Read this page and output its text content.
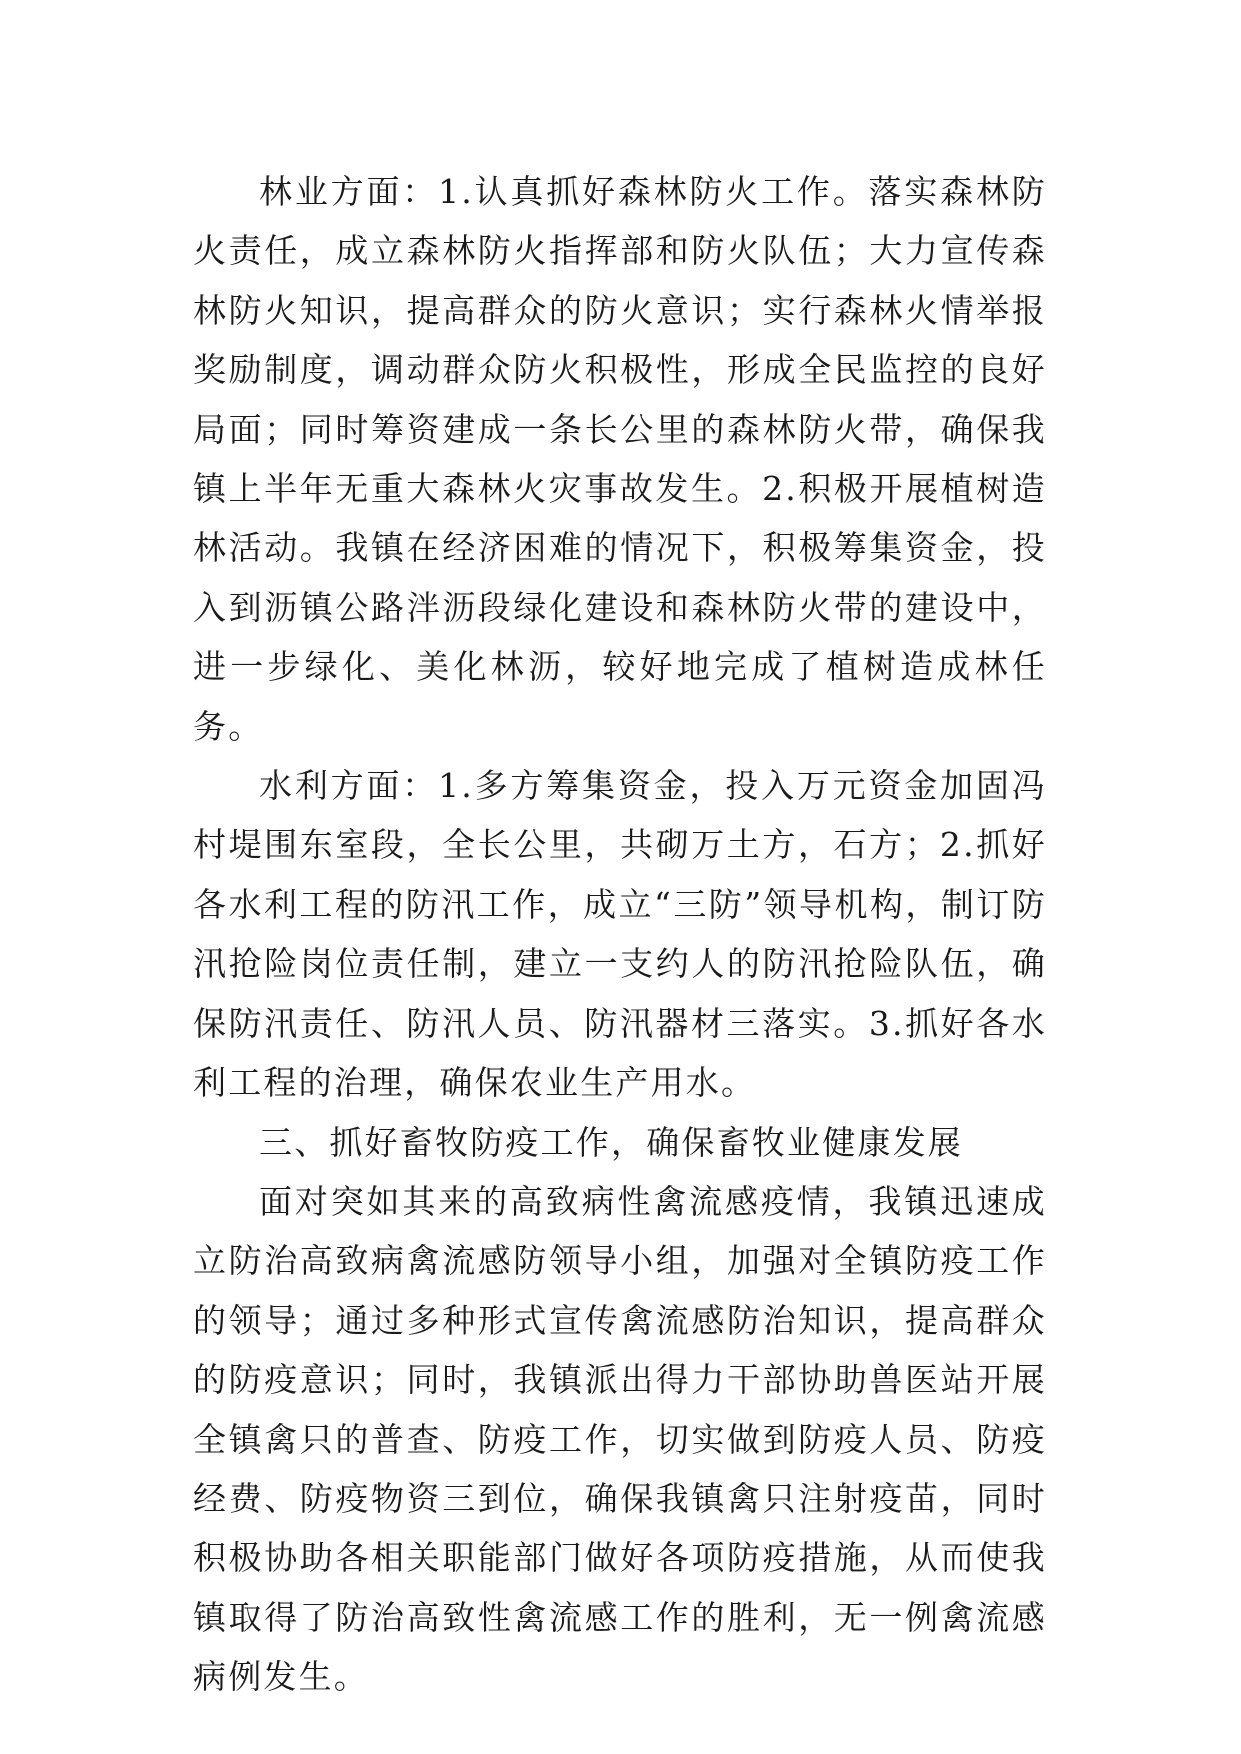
林业方面：1.认真抓好森林防火工作。落实森林防火责任，成立森林防火指挥部和防火队伍；大力宣传森林防火知识，提高群众的防火意识；实行森林火情举报奖励制度，调动群众防火积极性，形成全民监控的良好局面；同时筹资建成一条长公里的森林防火带，确保我镇上半年无重大森林火灾事故发生。2.积极开展植树造林活动。我镇在经济困难的情况下，积极筹集资金，投入到沥镇公路泮沥段绿化建设和森林防火带的建设中，进一步绿化、美化林沥，较好地完成了植树造成林任务。

水利方面：1.多方筹集资金，投入万元资金加固冯村堤围东室段，全长公里，共砌万土方，石方；2.抓好各水利工程的防汛工作，成立“三防”领导机构，制订防汛抢险岗位责任制，建立一支约人的防汛抢险队伍，确保防汛责任、防汛人员、防汛器材三落实。3.抓好各水利工程的治理，确保农业生产用水。

三、抓好畜牧防疫工作，确保畜牧业健康发展

面对突如其来的高致病性禽流感疫情，我镇迅速成立防治高致病禽流感防领导小组，加强对全镇防疫工作的领导；通过多种形式宣传禽流感防治知识，提高群众的防疫意识；同时，我镇派出得力干部协助兽医站开展全镇禽只的普查、防疫工作，切实做到防疫人员、防疫经费、防疫物资三到位，确保我镇禽只注射疫苗，同时积极协助各相关职能部门做好各项防疫措施，从而使我镇取得了防治高致性禽流感工作的胜利，无一例禽流感病例发生。
